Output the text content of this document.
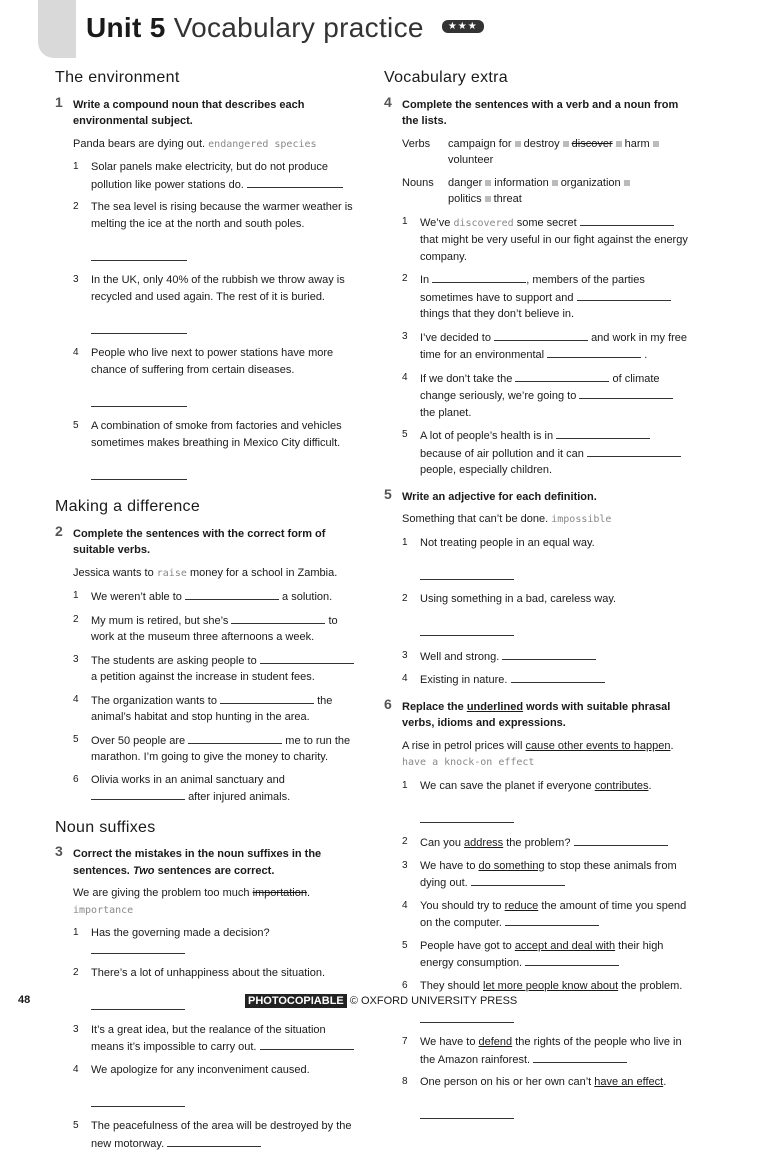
Unit 5 Vocabulary practice ★★★
The environment
1 Write a compound noun that describes each environmental subject.
Panda bears are dying out. endangered species
1 Solar panels make electricity, but do not produce pollution like power stations do.
2 The sea level is rising because the warmer weather is melting the ice at the north and south poles.

3 In the UK, only 40% of the rubbish we throw away is recycled and used again. The rest of it is buried.

4 People who live next to power stations have more chance of suffering from certain diseases.

5 A combination of smoke from factories and vehicles sometimes makes breathing in Mexico City difficult.

Making a difference
2 Complete the sentences with the correct form of suitable verbs.
Jessica wants to raise money for a school in Zambia.
1 We weren’t able to	a solution.
2 My mum is retired, but she’s	to work at the museum three afternoons a week.
3 The students are asking people to  a petition against the increase in student fees.
4 The organization wants to	the animal’s habitat and stop hunting in the area.
5 Over 50 people are	me to run the marathon. I’m going to give the money to charity.
6 Olivia works in an animal sanctuary and
after injured animals.
Noun suffixes
3 Correct the mistakes in the noun suffixes in the sentences. Two sentences are correct.
We are giving the problem too much importation.
importance
1 Has the governing made a decision?
2 There’s a lot of unhappiness about the situation.

3 It’s a great idea, but the realance of the situation means it’s impossible to carry out.
4 We apologize for any inconveniment caused.

5 The peacefulness of the area will be destroyed by the new motorway.
Vocabulary extra
4 Complete the sentences with a verb and a noun from the lists.
Verbs	campaign for destroy discover harm
volunteer
Nouns	danger information organization
politics threat
1 We’ve discovered some secret  that might be very useful in our fight against the energy company.
2 In	, members of the parties
sometimes have to support and
things that they don’t believe in.
3 I’ve decided to	and work in my free
time for an environmental	.
4 If we don’t take the	of climate
change seriously, we’re going to
the planet.
5 A lot of people’s health is in
because of air pollution and it can
people, especially children.
5 Write an adjective for each definition.
Something that can’t be done. impossible
1 Not treating people in an equal way.

2 Using something in a bad, careless way.

3 Well and strong.
4 Existing in nature.
6 Replace the underlined words with suitable phrasal verbs, idioms and expressions.
A rise in petrol prices will cause other events to happen.
have a knock-on effect
1 We can save the planet if everyone contributes.

2 Can you address the problem?
3 We have to do something to stop these animals from dying out.
4 You should try to reduce the amount of time you spend on the computer.
5 People have got to accept and deal with their high energy consumption.
6 They should let more people know about the problem.

7 We have to defend the rights of the people who live in the Amazon rainforest.
8 One person on his or her own can’t have an effect.

48	PHOTOCOPIABLE © OXFORD UNIVERSITY PRESS
